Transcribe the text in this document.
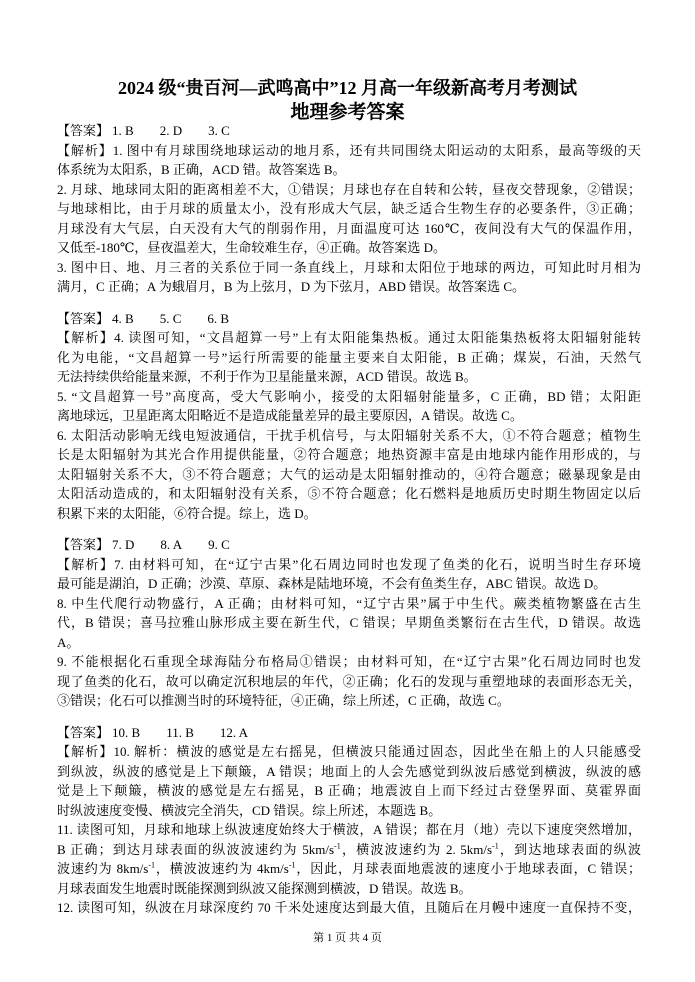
2024 级“贵百河—武鸣高中”12 月高一年级新高考月考测试
地理参考答案
【答案】 1. B 2. D 3. C
【解析】1. 图中有月球围绕地球运动的地月系，还有共同围绕太阳运动的太阳系，最高等级的天
体系统为太阳系，B 正确，ACD 错。故答案选 B。
2. 月球、地球同太阳的距离相差不大，①错误；月球也存在自转和公转，昼夜交替现象，②错误；
与地球相比，由于月球的质量太小，没有形成大气层，缺乏适合生物生存的必要条件，③正确；
月球没有大气层，白天没有大气的削弱作用，月面温度可达 160℃，夜间没有大气的保温作用，
又低至-180℃，昼夜温差大，生命较难生存，④正确。故答案选 D。
3. 图中日、地、月三者的关系位于同一条直线上，月球和太阳位于地球的两边，可知此时月相为
满月，C 正确；A 为蛾眉月，B 为上弦月，D 为下弦月，ABD 错误。故答案选 C。
【答案】 4. B 5. C 6. B
【解析】4. 读图可知，“文昌超算一号”上有太阳能集热板。通过太阳能集热板将太阳辐射能转
化为电能，“文昌超算一号”运行所需要的能量主要来自太阳能，B 正确；煤炭，石油，天然气
无法持续供给能量来源，不利于作为卫星能量来源，ACD 错误。故选 B。
5. “文昌超算一号”高度高，受大气影响小，接受的太阳辐射能量多，C 正确，BD 错；太阳距
离地球远，卫星距离太阳略近不是造成能量差异的最主要原因，A 错误。故选 C。
6. 太阳活动影响无线电短波通信，干扰手机信号，与太阳辐射关系不大，①不符合题意；植物生
长是太阳辐射为其光合作用提供能量，②符合题意；地热资源丰富是由地球内能作用形成的，与
太阳辐射关系不大，③不符合题意；大气的运动是太阳辐射推动的，④符合题意；磁暴现象是由
太阳活动造成的，和太阳辐射没有关系，⑤不符合题意；化石燃料是地质历史时期生物固定以后
积累下来的太阳能，⑥符合提。综上，选 D。
【答案】 7. D 8. A 9. C
【解析】7. 由材料可知，在“辽宁古果”化石周边同时也发现了鱼类的化石，说明当时生存环境
最可能是湖泊，D 正确；沙漠、草原、森林是陆地环境，不会有鱼类生存，ABC 错误。故选 D。
8. 中生代爬行动物盛行，A 正确；由材料可知，“辽宁古果”属于中生代。蕨类植物繁盛在古生
代，B 错误；喜马拉雅山脉形成主要在新生代，C 错误；早期鱼类繁衍在古生代，D 错误。故选
A。
9. 不能根据化石重现全球海陆分布格局①错误；由材料可知，在“辽宁古果”化石周边同时也发
现了鱼类的化石，故可以确定沉积地层的年代，②正确；化石的发现与重塑地球的表面形态无关，
③错误；化石可以推测当时的环境特征，④正确，综上所述，C 正确，故选 C。
【答案】 10. B 11. B 12. A
【解析】10. 解析：横波的感觉是左右摇晃，但横波只能通过固态，因此坐在船上的人只能感受
到纵波，纵波的感觉是上下颠簸，A 错误；地面上的人会先感觉到纵波后感觉到横波，纵波的感
觉是上下颠簸，横波的感觉是左右摇晃，B 正确；地震波自上而下经过古登堡界面、莫霍界面
时纵波速度变慢、横波完全消失，CD 错误。综上所述，本题选 B。
11. 读图可知，月球和地球上纵波速度始终大于横波，A 错误；都在月（地）壳以下速度突然增加，
B 正确；到达月球表面的纵波波速约为 $5km/s^{-1}$，横波波速约为 2. $5km/s^{-1}$，到达地球表面的纵波
波速约为 $8km/s^{-1}$，横波波速约为 $4km/s^{-1}$，因此，月球表面地震波的速度小于地球表面，C 错误；
月球表面发生地震时既能探测到纵波又能探测到横波，D 错误。故选 B。
12. 读图可知，纵波在月球深度约 70 千米处速度达到最大值，且随后在月幔中速度一直保持不变，
第 1 页 共 4 页
